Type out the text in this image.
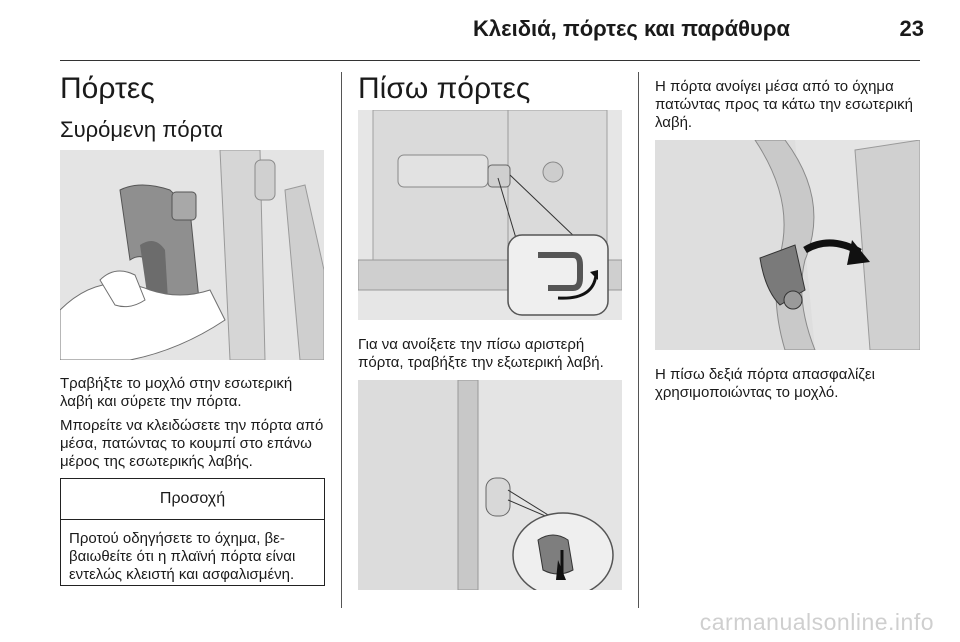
Κλειδιά, πόρτες και παράθυρα	23
Πόρτες
Συρόμενη πόρτα

Τραβήξτε το μοχλό στην εσωτερική λαβή και σύρετε την πόρτα.

Μπορείτε να κλειδώσετε την πόρτα από μέσα, πατώντας το κουμπί στο επάνω μέρος της εσωτερικής λαβής.

Προσοχή
Προτού οδηγήσετε το όχημα, βεβαιωθείτε ότι η πλαϊνή πόρτα είναι εντελώς κλειστή και ασφαλισμένη.
Πίσω πόρτες

Για να ανοίξετε την πίσω αριστερή πόρτα, τραβήξτε την εξωτερική λαβή.

Η πόρτα ανοίγει μέσα από το όχημα πατώντας προς τα κάτω την εσωτερική λαβή.

Η πίσω δεξιά πόρτα απασφαλίζει χρησιμοποιώντας το μοχλό.

carmanualsonline.info
